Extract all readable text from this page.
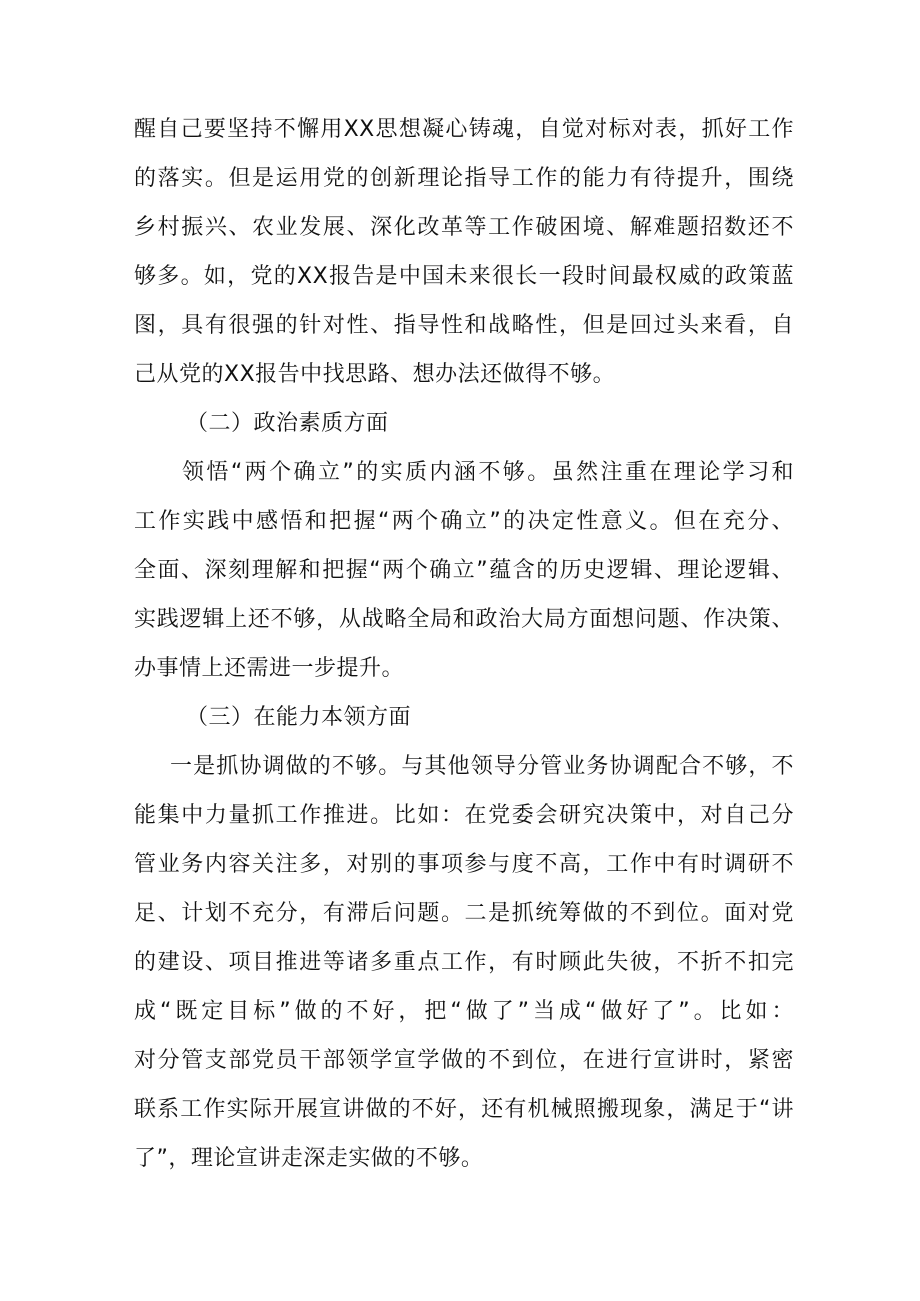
醒自己要坚持不懈用XX思想凝心铸魂，自觉对标对表，抓好工作
的落实。但是运用党的创新理论指导工作的能力有待提升，围绕
乡村振兴、农业发展、深化改革等工作破困境、解难题招数还不
够多。如，党的XX报告是中国未来很长一段时间最权威的政策蓝
图，具有很强的针对性、指导性和战略性，但是回过头来看，自
己从党的XX报告中找思路、想办法还做得不够。
（二）政治素质方面
领悟“两个确立”的实质内涵不够。虽然注重在理论学习和
工作实践中感悟和把握“两个确立”的决定性意义。但在充分、
全面、深刻理解和把握“两个确立”蕴含的历史逻辑、理论逻辑、
实践逻辑上还不够，从战略全局和政治大局方面想问题、作决策、
办事情上还需进一步提升。
（三）在能力本领方面
一是抓协调做的不够。与其他领导分管业务协调配合不够，不
能集中力量抓工作推进。比如：在党委会研究决策中，对自己分
管业务内容关注多，对别的事项参与度不高，工作中有时调研不
足、计划不充分，有滞后问题。二是抓统筹做的不到位。面对党
的建设、项目推进等诸多重点工作，有时顾此失彼，不折不扣完
成“既定目标”做的不好，把“做了”当成“做好了”。比如：
对分管支部党员干部领学宣学做的不到位，在进行宣讲时，紧密
联系工作实际开展宣讲做的不好，还有机械照搬现象，满足于“讲
了”，理论宣讲走深走实做的不够。
